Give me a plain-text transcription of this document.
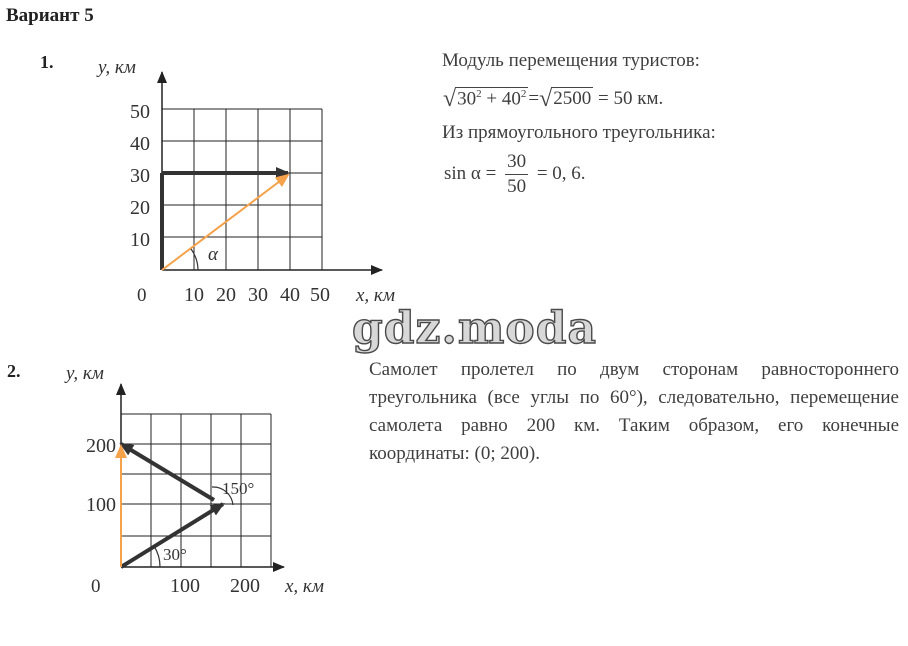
Вариант 5
1.
α
y, км
x, км
0
50
40
30
20
10
10 20 30 40 50
Модуль перемещения туристов:
$√30^2 + 40^2 =√2500 = 50$ км.
Из прямоугольного треугольника:
$\sin \alpha = \frac{30}{50} = 0$, 6.
gdz.moda
2.
30°
150°
y, км
x, км
0
200
100
100 200
Самолет пролетел по двум сторонам равностороннего треугольника (все углы по 60°), следовательно, перемещение самолета равно 200 км. Таким образом, его конечные координаты: (0; 200).
